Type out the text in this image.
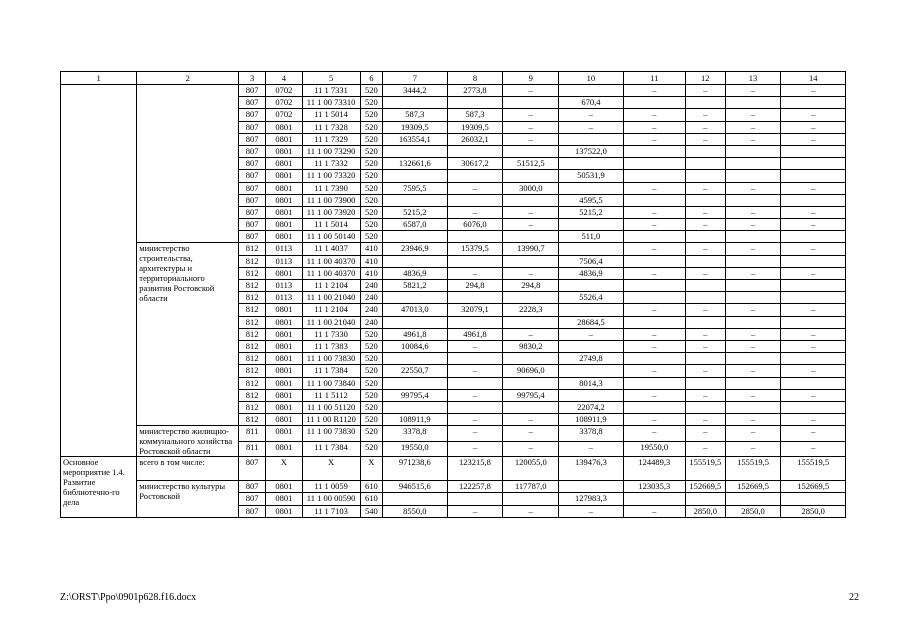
1	2	3	4	5	6	7	8	9	10	11	12	13	14
		807	0702	11 1 7331	520	3444,2	2773,8	–		–	–	–	–
		807	0702	11 1 00 73310	520				670,4				
		807	0702	11 1 5014	520	587,3	587,3	–	–	–	–	–	–
		807	0801	11 1 7328	520	19309,5	19309,5	–	–	–	–	–	–
		807	0801	11 1 7329	520	163554,1	26032,1	–		–	–	–	–
		807	0801	11 1 00 73290	520				137522,0				
		807	0801	11 1 7332	520	132661,6	30617,2	51512,5					
		807	0801	11 1 00 73320	520				50531,9				
		807	0801	11 1 7390	520	7595,5	–	3000,0		–	–	–	–
		807	0801	11 1 00 73900	520				4595,5				
		807	0801	11 1 00 73920	520	5215,2	–	–	5215,2	–	–	–	–
		807	0801	11 1 5014	520	6587,0	6076,0	–		–	–	–	–
		807	0801	11 1 00 50140	520				511,0				
	министерство строительства, архитектуры и территориального развития Ростовской области	812	0113	11 1 4037	410	23946,9	15379,5	13990,7		–	–	–	–
		812	0113	11 1 00 40370	410				7506,4				
		812	0801	11 1 00 40370	410	4836,9	–	–	4836,9	–	–	–	–
		812	0113	11 1 2104	240	5821,2	294,8	294,8					
		812	0113	11 1 00 21040	240				5526,4				
		812	0801	11 1 2104	240	47013,0	32079,1	2228,3		–	–	–	–
		812	0801	11 1 00 21040	240				28684,5				
		812	0801	11 1 7330	520	4961,8	4961,8	–	–	–	–	–	–
		812	0801	11 1 7383	520	10084,6	–	9830,2		–	–	–	–
		812	0801	11 1 00 73830	520				2749,8				
		812	0801	11 1 7384	520	22550,7	–	90696,0		–	–	–	–
		812	0801	11 1 00 73840	520				8014,3				
		812	0801	11 1 5112	520	99795,4	–	99795,4		–	–	–	–
		812	0801	11 1 00 51120	520				22074,2				
		812	0801	11 1 00 R1120	520	108911,9	–	–	108911,9	–	–	–	–
	министерство жилищно-коммунального хозяйства Ростовской области	811	0801	11 1 00 73830	520	3378,8	–	–	3378,8	–	–	–	–
		811	0801	11 1 7384	520	19550,0	–	–	–	19550,0	–	–	–
Основное мероприятие 1.4. Развитие библиотечно-го дела	всего в том числе:	807	Х	Х	Х	971238,6	123215,8	120055,0	139476,3	124489,3	155519,5	155519,5	155519,5
	министерство культуры Ростовской	807	0801	11 1 0059	610	946515,6	122257,8	117787,0		123035,3	152669,5	152669,5	152669,5
		807	0801	11 1 00 00590	610				127983,3				
		807	0801	11 1 7103	540	8550,0	–	–	–	–	2850,0	2850,0	2850,0
Z:\ORST\Ppo\0901p628.f16.docx	22
